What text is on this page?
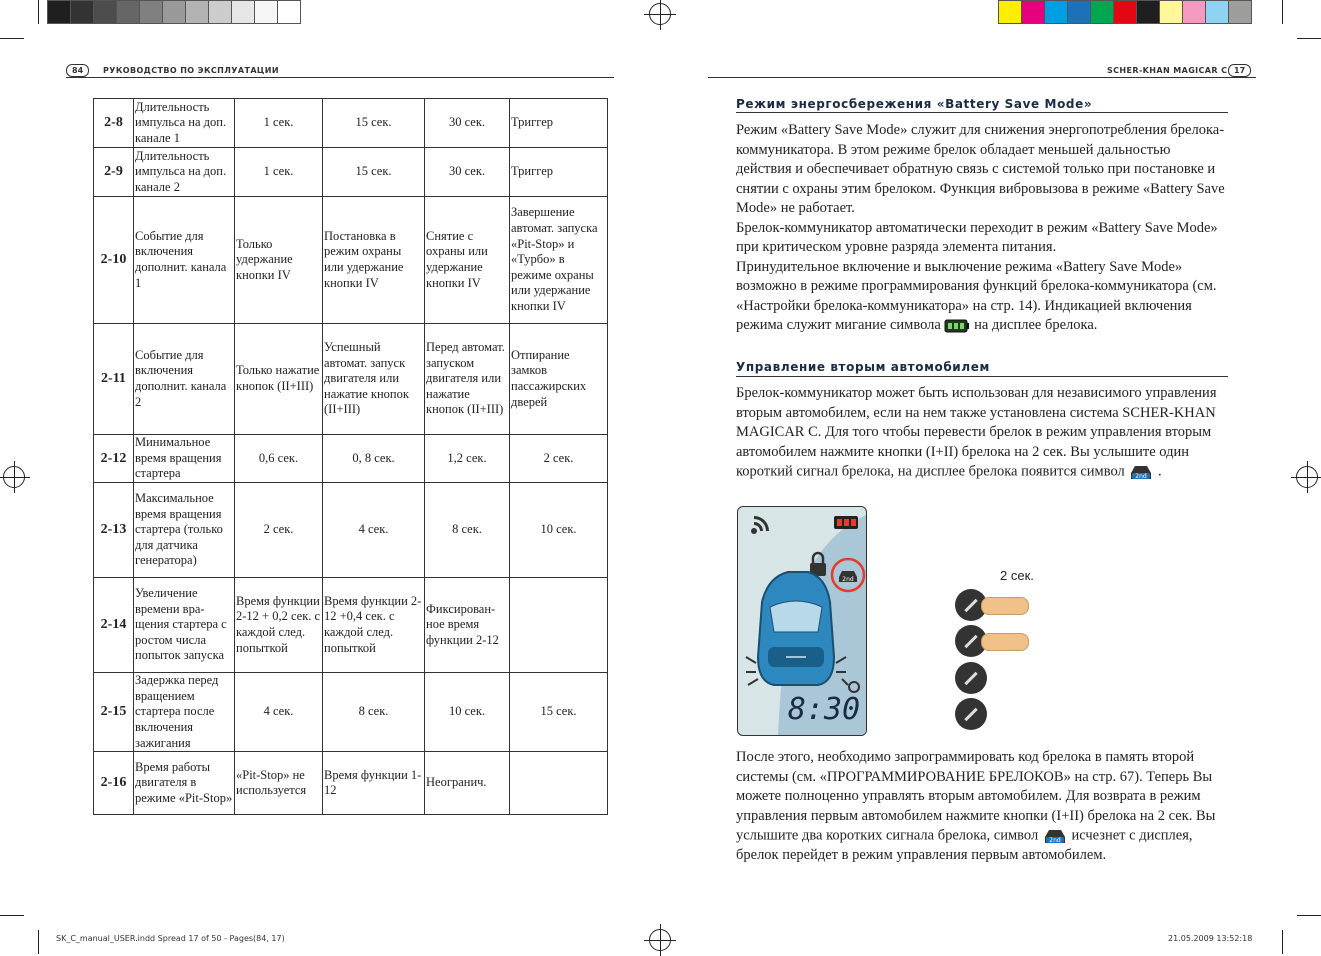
84	РУКОВОДСТВО ПО ЭКСПЛУАТАЦИИ	SCHER-KHAN MAGICAR C 17
2-8	Длительность импульса на доп. канале 1	1 сек.	15 сек.	30 сек.	Триггер
2-9	Длительность импульса на доп. канале 2	1 сек.	15 сек.	30 сек.	Триггер
2-10	Событие для включения дополнит. канала 1	Только удержание кнопки IV	Постановка в режим охраны или удержание кнопки IV	Снятие с охраны или удержание кнопки IV	Завершение автомат. запуска «Pit-Stop» и «Турбо» в режиме охраны или удержание кнопки IV
2-11	Событие для включения дополнит. канала 2	Только нажатие кнопок (II+III)	Успешный автомат. запуск двигателя или нажатие кнопок (II+III)	Перед автомат. запуском двигателя или нажатие кнопок (II+III)	Отпирание замков пассажирских дверей
2-12	Минимальное время вращения стартера	0,6 сек.	0, 8 сек.	1,2 сек.	2 сек.
2-13	Максимальное время вращения стартера (только для датчика генератора)	2 сек.	4 сек.	8 сек.	10 сек.
2-14	Увеличение времени вра-щения стартера с ростом числа попыток запуска	Время функции 2-12 + 0,2 сек. с каждой след. попыткой	Время функции 2-12 +0,4 сек. с каждой след. попыткой	Фиксирован-ное время функции 2-12	
2-15	Задержка перед вращением стартера после включения зажигания	4 сек.	8 сек.	10 сек.	15 сек.
2-16	Время работы двигателя в режиме «Pit-Stop»	«Pit-Stop» не используется	Время функции 1-12	Неогранич.	
Режим энергосбережения «Battery Save Mode»
Режим «Battery Save Mode» служит для снижения энергопотребления брелока-коммуникатора. В этом режиме брелок обладает меньшей дальностью действия и обеспечивает обратную связь с системой только при постановке и снятии с охраны этим брелоком. Функция вибровызова в режиме «Battery Save Mode» не работает.
Брелок-коммуникатор автоматически переходит в режим «Battery Save Mode» при критическом уровне разряда элемента питания.
Принудительное включение и выключение режима «Battery Save Mode» возможно в режиме программирования функций брелока-коммуникатора (см. «Настройки брелока-коммуникатора» на стр. 14). Индикацией включения режима служит мигание символа на дисплее брелока.
Управление вторым автомобилем
Брелок-коммуникатор может быть использован для независимого управления вторым автомобилем, если на нем также установлена система SCHER-KHAN MAGICAR C. Для того чтобы перевести брелок в режим управления вторым автомобилем нажмите кнопки (I+II) брелока на 2 сек. Вы услышите один короткий сигнал брелока, на дисплее брелока появится символ 2nd .
2nd
8:30
2 сек.
После этого, необходимо запрограммировать код брелока в память второй системы (см. «ПРОГРАММИРОВАНИЕ БРЕЛОКОВ» на стр. 67). Теперь Вы можете полноценно управлять вторым автомобилем. Для возврата в режим управления первым автомобилем нажмите кнопки (I+II) брелока на 2 сек. Вы услышите два коротких сигнала брелока, символ 2nd исчезнет с дисплея, брелок перейдет в режим управления первым автомобилем.
SK_C_manual_USER.indd Spread 17 of 50 - Pages(84, 17)	21.05.2009 13:52:18
